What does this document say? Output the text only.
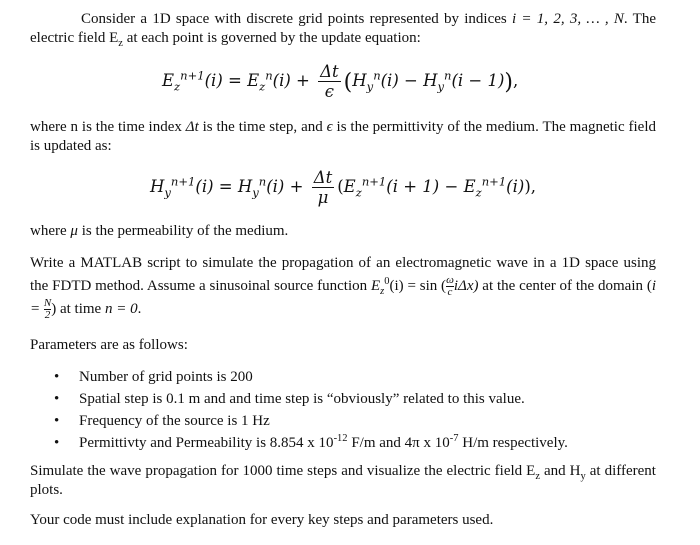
Consider a 1D space with discrete grid points represented by indices i = 1, 2, 3, … , N. The electric field $E_z$ at each point is governed by the update equation:
$E_z^{n+1}(i) = E_z^n(i) + \frac{\Delta t}{\epsilon} (H_y^n(i) - H_y^n(i - 1))$,
where n is the time index Δt is the time step, and ϵ is the permittivity of the medium. The magnetic field is updated as:
$H_y^{n+1}(i) = H_y^n(i) + \frac{\Delta t}{\mu} (E_z^{n+1}(i + 1) - E_z^{n+1}(i))$,
where μ is the permeability of the medium.
Write a MATLAB script to simulate the propagation of an electromagnetic wave in a 1D space using the FDTD method. Assume a sinusoinal source function $E_z^0(i) = \sin$ ( $\frac{\omega}{c} i\Delta x$) at the center of the domain ($i = \frac{N}{2}$ ) at time n = 0.
Parameters are as follows:
• Number of grid points is 200
• Spatial step is 0.1 m and and time step is “obviously” related to this value.
• Frequency of the source is 1 Hz
• Permittivty and Permeability is 8.854 x $10^{-12}$ F/m and 4π x $10^{-7}$ H/m respectively.
Simulate the wave propagation for 1000 time steps and visualize the electric field $E_z$ and $H_y$ at different plots.
Your code must include explanation for every key steps and parameters used.
